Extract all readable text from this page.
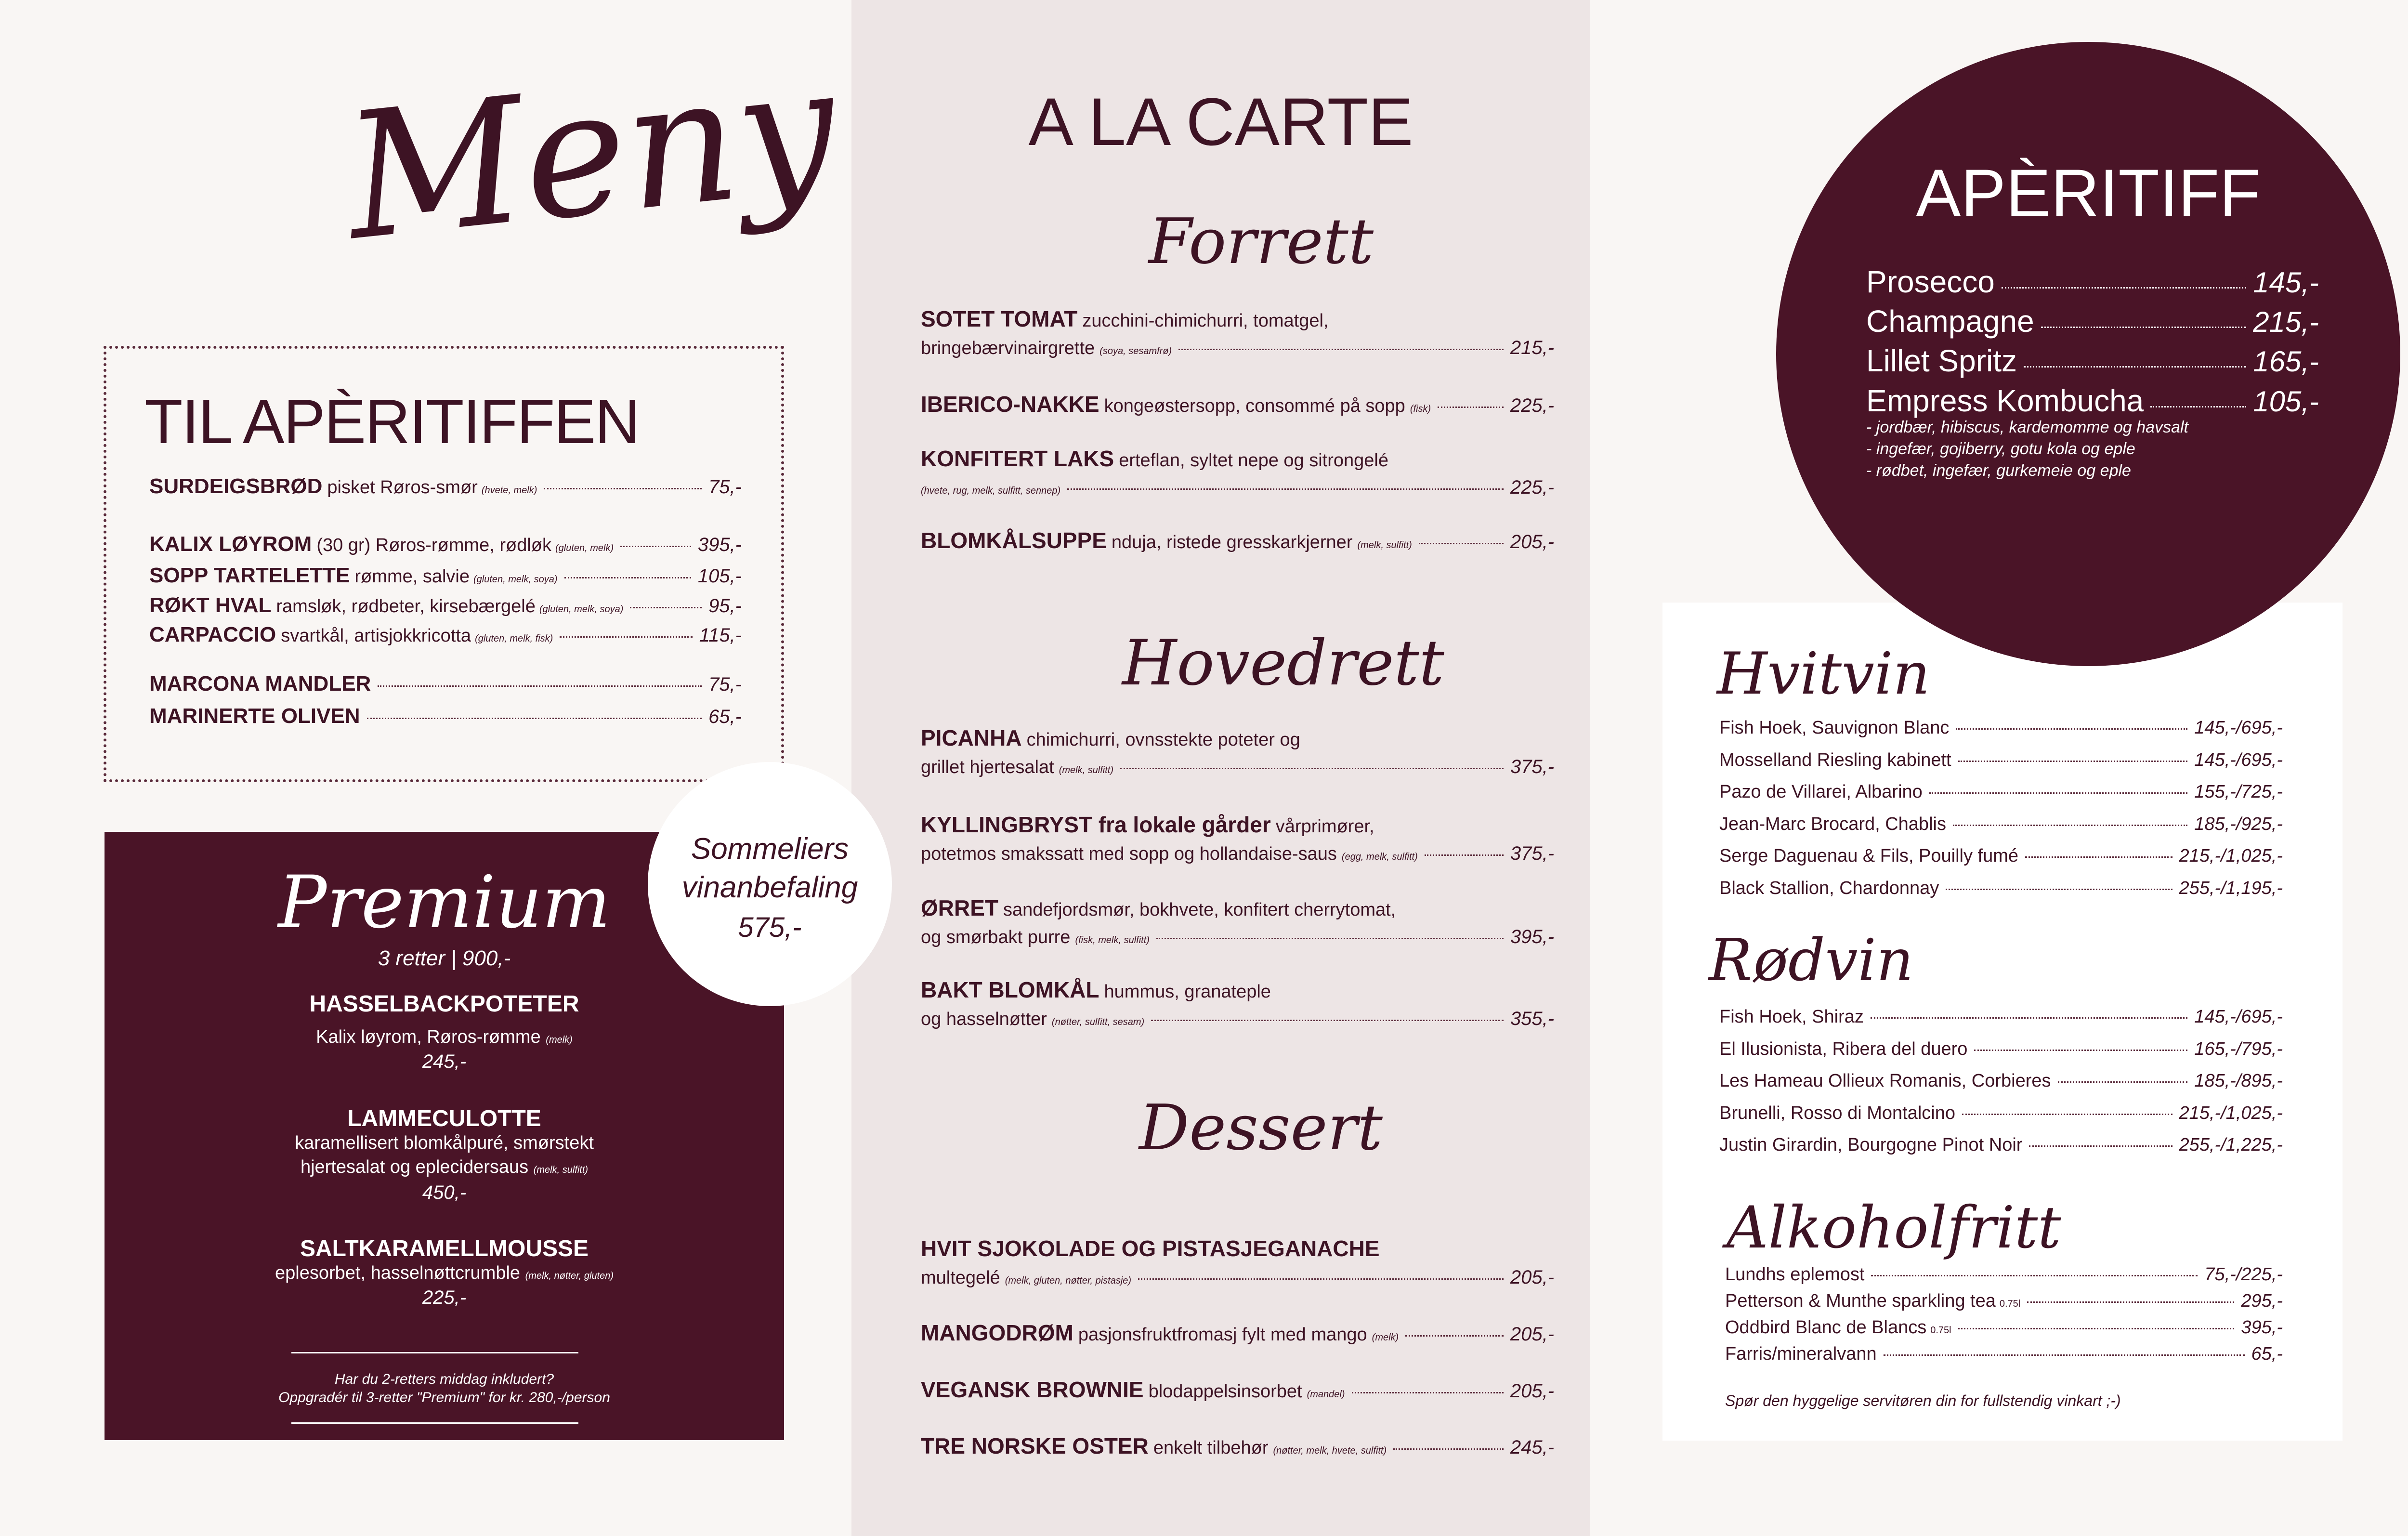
Meny
TIL APÈRITIFFEN
SURDEIGSBRØD pisket Røros-smør (hvete, melk)	75,-
KALIX LØYROM (30 gr) Røros-rømme, rødløk (gluten, melk)	395,-
SOPP TARTELETTE rømme, salvie (gluten, melk, soya)	105,-
RØKT HVAL ramsløk, rødbeter, kirsebærgelé (gluten, melk, soya)	95,-
CARPACCIO svartkål, artisjokkricotta (gluten, melk, fisk)	115,-
MARCONA MANDLER	75,-
MARINERTE OLIVEN	65,-
Premium
3 retter | 900,-
HASSELBACKPOTETER
Kalix løyrom, Røros-rømme (melk)
245,-
LAMMECULOTTE
karamellisert blomkålpuré, smørstekt
hjertesalat og eplecidersaus (melk, sulfitt)
450,-
SALTKARAMELLMOUSSE
eplesorbet, hasselnøttcrumble (melk, nøtter, gluten)
225,-
Har du 2-retters middag inkludert?
Oppgradér til 3-retter "Premium" for kr. 280,-/person
Sommeliers
vinanbefaling
575,-
A LA CARTE
Forrett
Hovedrett
Dessert
SOTET TOMAT zucchini-chimichurri, tomatgel,
bringebærvinairgrette (soya, sesamfrø)	215,-
IBERICO-NAKKE kongeøstersopp, consommé på sopp (fisk)	225,-
KONFITERT LAKS erteflan, syltet nepe og sitrongelé
(hvete, rug, melk, sulfitt, sennep)	225,-
BLOMKÅLSUPPE nduja, ristede gresskarkjerner (melk, sulfitt)	205,-
PICANHA chimichurri, ovnsstekte poteter og
grillet hjertesalat (melk, sulfitt)	375,-
KYLLINGBRYST fra lokale gårder vårprimører,
potetmos smakssatt med sopp og hollandaise-saus (egg, melk, sulfitt)	375,-
ØRRET sandefjordsmør, bokhvete, konfitert cherrytomat,
og smørbakt purre (fisk, melk, sulfitt)	395,-
BAKT BLOMKÅL hummus, granateple
og hasselnøtter (nøtter, sulfitt, sesam)	355,-
HVIT SJOKOLADE OG PISTASJEGANACHE
multegelé (melk, gluten, nøtter, pistasje)	205,-
MANGODRØM pasjonsfruktfromasj fylt med mango (melk)	205,-
VEGANSK BROWNIE blodappelsinsorbet (mandel)	205,-
TRE NORSKE OSTER enkelt tilbehør (nøtter, melk, hvete, sulfitt)	245,-
APÈRITIFF
Prosecco	145,-
Champagne	215,-
Lillet Spritz	165,-
Empress Kombucha	105,-
- jordbær, hibiscus, kardemomme og havsalt
- ingefær, gojiberry, gotu kola og eple
- rødbet, ingefær, gurkemeie og eple
Hvitvin
Rødvin
Alkoholfritt
Fish Hoek, Sauvignon Blanc	145,-/695,-
Mosselland Riesling kabinett	145,-/695,-
Pazo de Villarei, Albarino	155,-/725,-
Jean-Marc Brocard, Chablis	185,-/925,-
Serge Daguenau & Fils, Pouilly fumé	215,-/1,025,-
Black Stallion, Chardonnay	255,-/1,195,-
Fish Hoek, Shiraz	145,-/695,-
El Ilusionista, Ribera del duero	165,-/795,-
Les Hameau Ollieux Romanis, Corbieres	185,-/895,-
Brunelli, Rosso di Montalcino	215,-/1,025,-
Justin Girardin, Bourgogne Pinot Noir	255,-/1,225,-
Lundhs eplemost	75,-/225,-
Petterson & Munthe sparkling tea 0.75l	295,-
Oddbird Blanc de Blancs 0.75l	395,-
Farris/mineralvann	65,-
Spør den hyggelige servitøren din for fullstendig vinkart ;-)
